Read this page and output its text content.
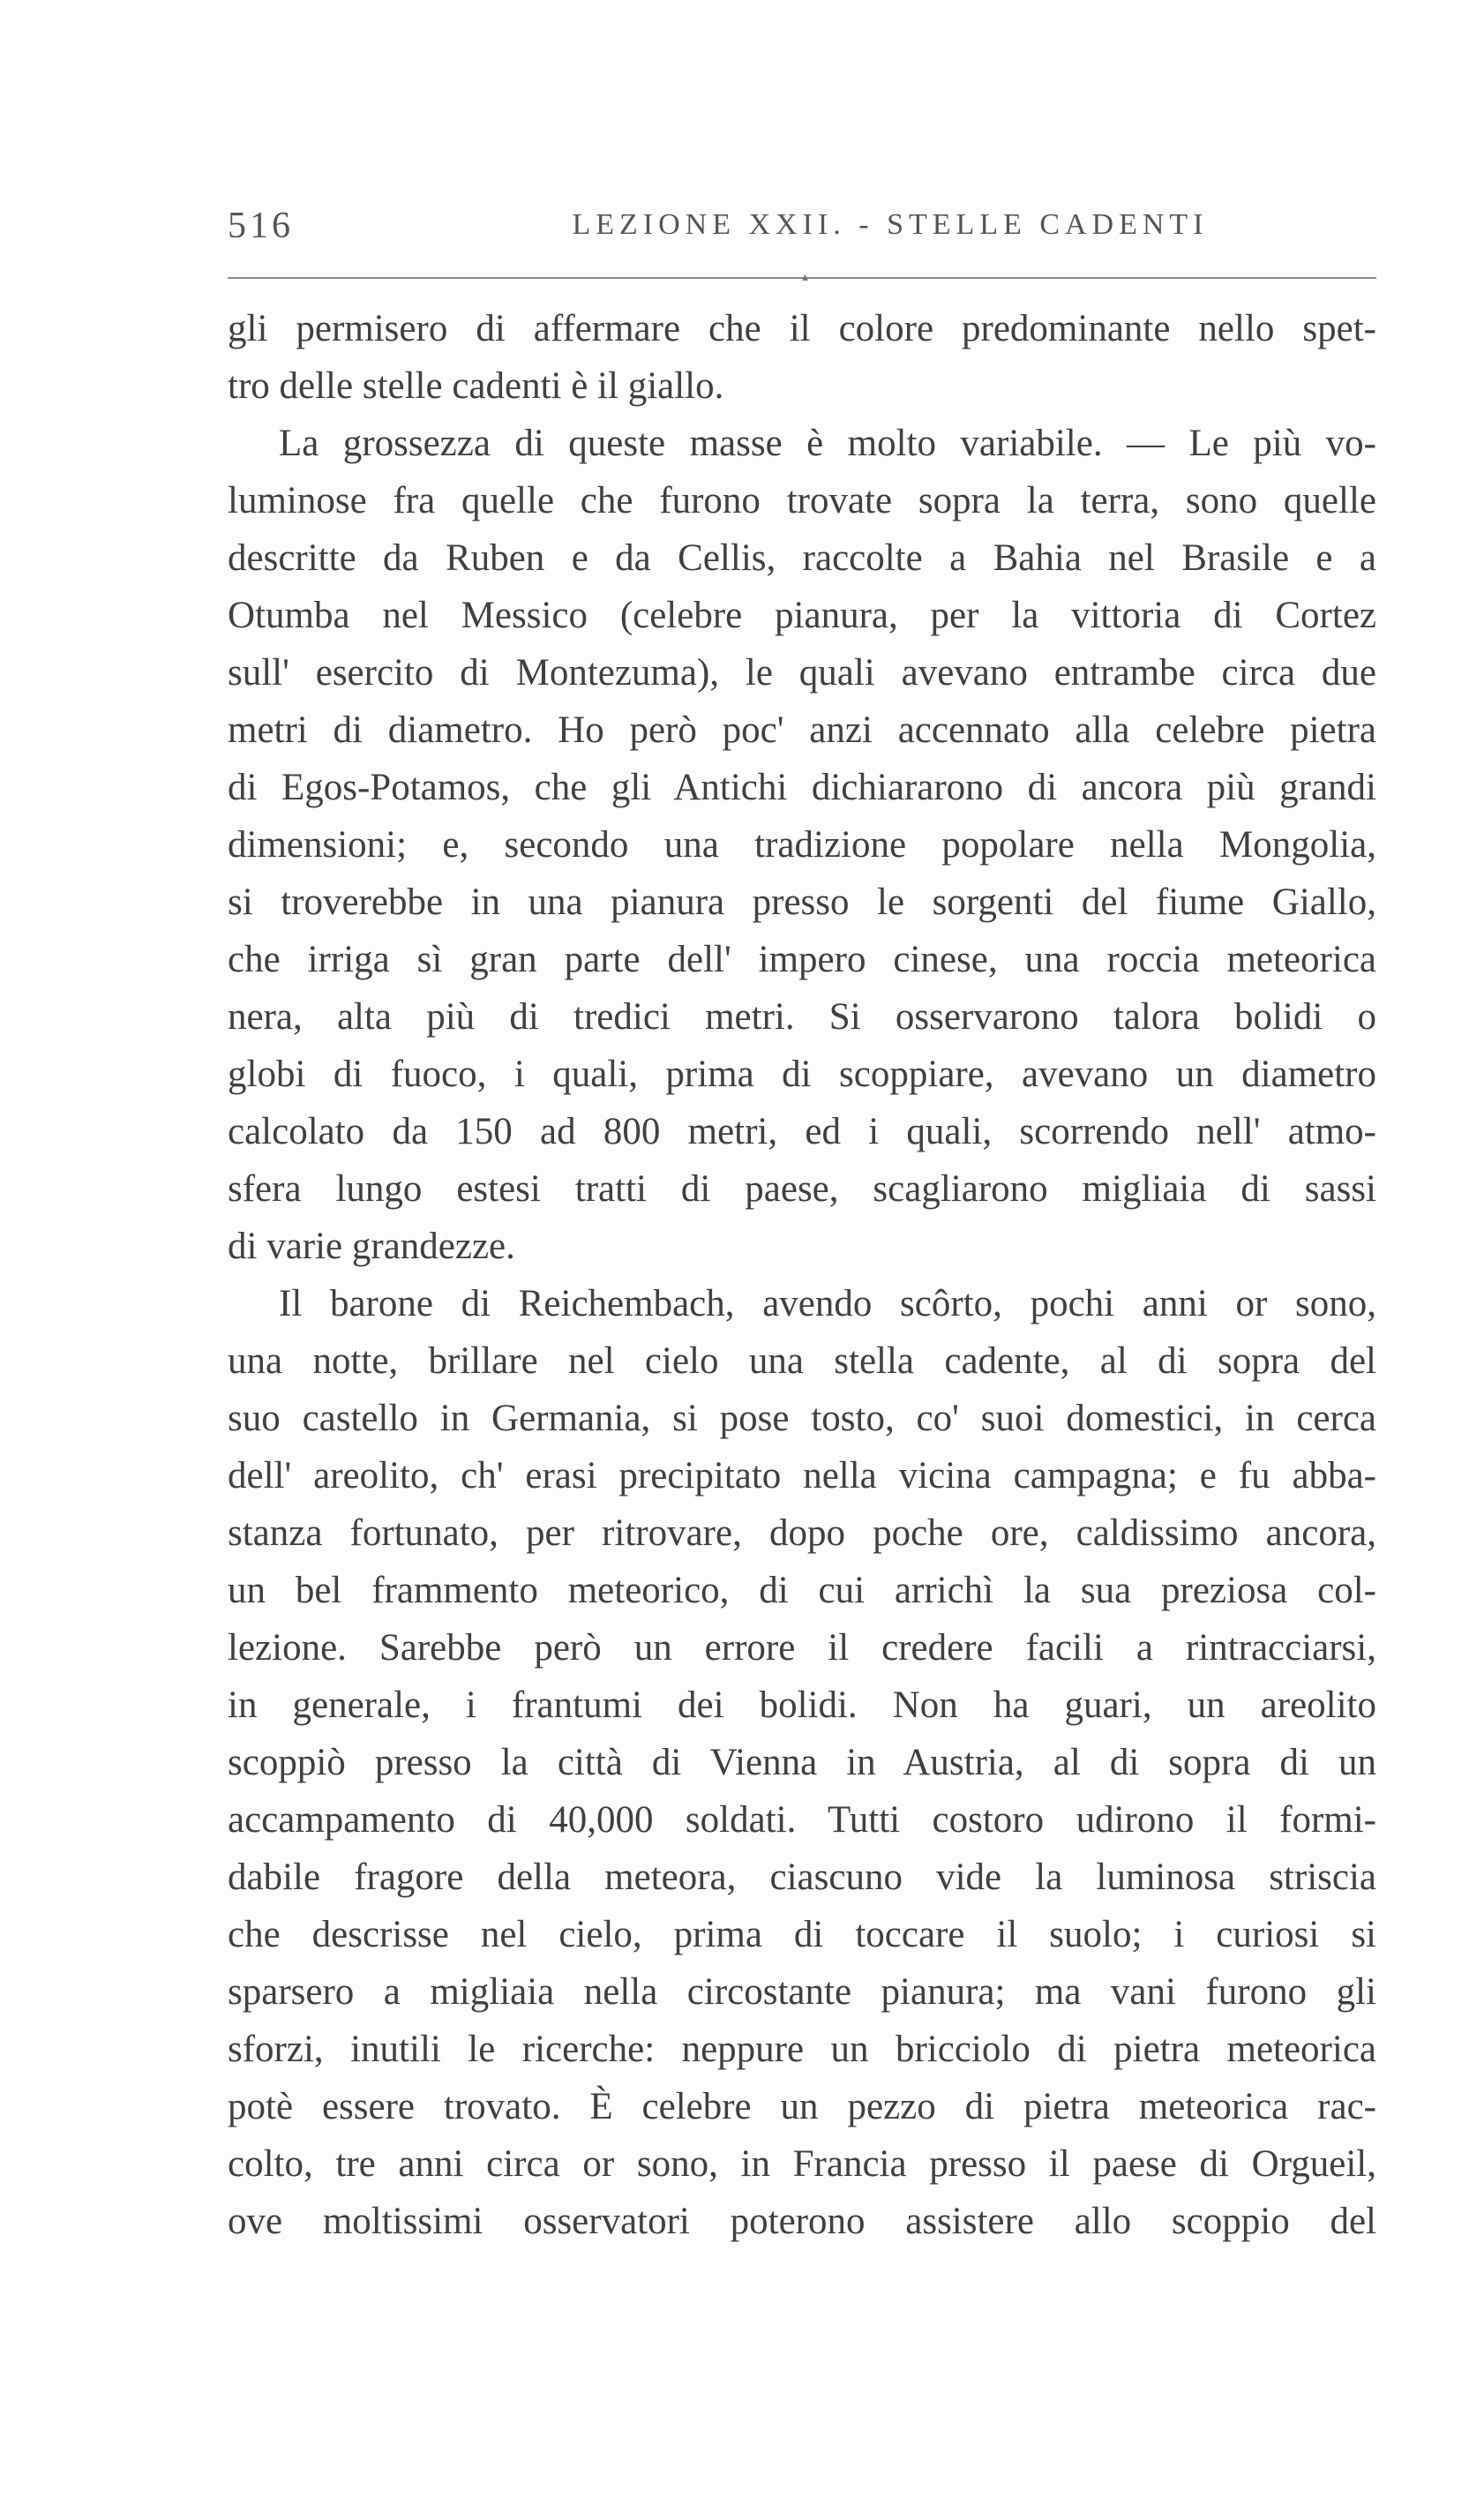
516	LEZIONE XXII. - STELLE CADENTI
▴
gli permisero di affermare che il colore predominante nello spet-
tro delle stelle cadenti è il giallo.
La grossezza di queste masse è molto variabile. — Le più vo-
luminose fra quelle che furono trovate sopra la terra, sono quelle
descritte da Ruben e da Cellis, raccolte a Bahia nel Brasile e a
Otumba nel Messico (celebre pianura, per la vittoria di Cortez
sull' esercito di Montezuma), le quali avevano entrambe circa due
metri di diametro. Ho però poc' anzi accennato alla celebre pietra
di Egos-Potamos, che gli Antichi dichiararono di ancora più grandi
dimensioni; e, secondo una tradizione popolare nella Mongolia,
si troverebbe in una pianura presso le sorgenti del fiume Giallo,
che irriga sì gran parte dell' impero cinese, una roccia meteorica
nera, alta più di tredici metri. Si osservarono talora bolidi o
globi di fuoco, i quali, prima di scoppiare, avevano un diametro
calcolato da 150 ad 800 metri, ed i quali, scorrendo nell' atmo-
sfera lungo estesi tratti di paese, scagliarono migliaia di sassi
di varie grandezze.
Il barone di Reichembach, avendo scôrto, pochi anni or sono,
una notte, brillare nel cielo una stella cadente, al di sopra del
suo castello in Germania, si pose tosto, co' suoi domestici, in cerca
dell' areolito, ch' erasi precipitato nella vicina campagna; e fu abba-
stanza fortunato, per ritrovare, dopo poche ore, caldissimo ancora,
un bel frammento meteorico, di cui arrichì la sua preziosa col-
lezione. Sarebbe però un errore il credere facili a rintracciarsi,
in generale, i frantumi dei bolidi. Non ha guari, un areolito
scoppiò presso la città di Vienna in Austria, al di sopra di un
accampamento di 40,000 soldati. Tutti costoro udirono il formi-
dabile fragore della meteora, ciascuno vide la luminosa striscia
che descrisse nel cielo, prima di toccare il suolo; i curiosi si
sparsero a migliaia nella circostante pianura; ma vani furono gli
sforzi, inutili le ricerche: neppure un bricciolo di pietra meteorica
potè essere trovato. È celebre un pezzo di pietra meteorica rac-
colto, tre anni circa or sono, in Francia presso il paese di Orgueil,
ove moltissimi osservatori poterono assistere allo scoppio del
